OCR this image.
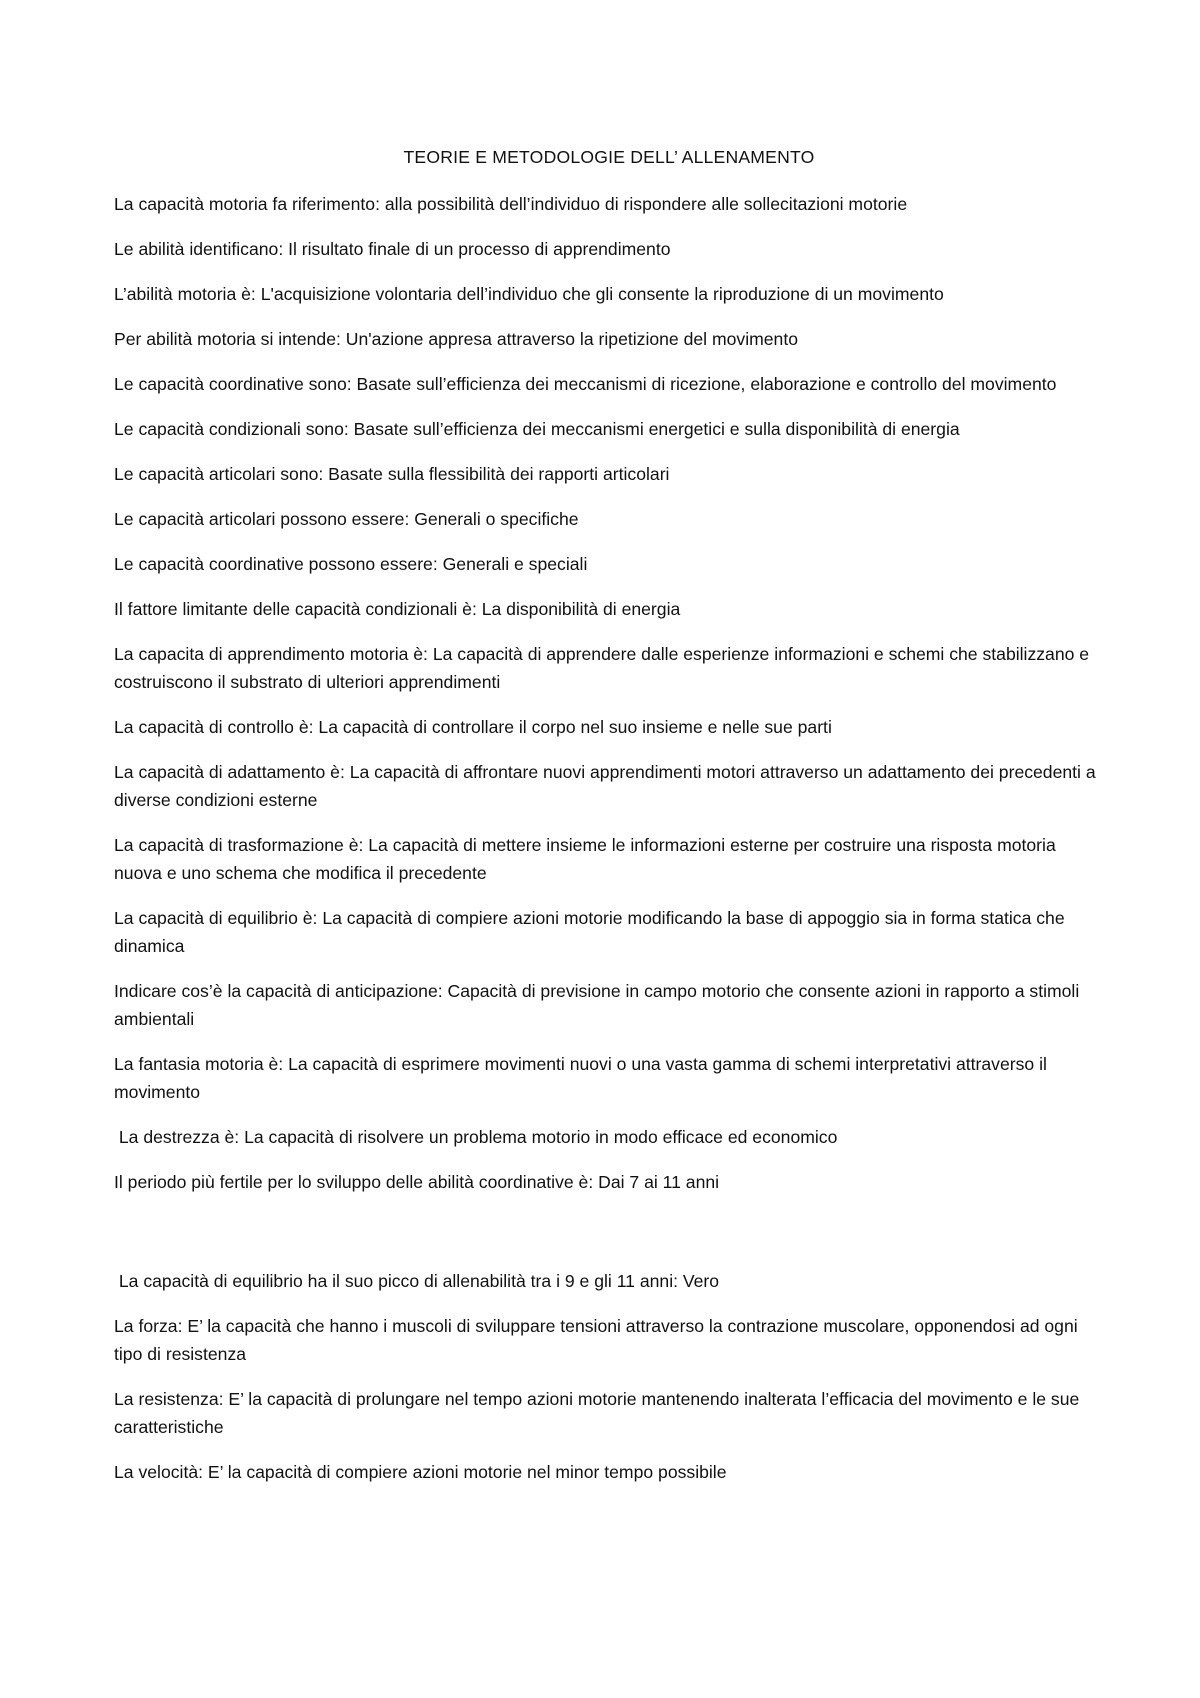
TEORIE E METODOLOGIE DELL’ ALLENAMENTO

La capacità motoria fa riferimento: alla possibilità dell’individuo di rispondere alle sollecitazioni motorie

Le abilità identificano: Il risultato finale di un processo di apprendimento

L’abilità motoria è: L'acquisizione volontaria dell’individuo che gli consente la riproduzione di un movimento

Per abilità motoria si intende: Un'azione appresa attraverso la ripetizione del movimento

Le capacità coordinative sono: Basate sull’efficienza dei meccanismi di ricezione, elaborazione e controllo del movimento

Le capacità condizionali sono: Basate sull’efficienza dei meccanismi energetici e sulla disponibilità di energia

Le capacità articolari sono: Basate sulla flessibilità dei rapporti articolari

Le capacità articolari possono essere: Generali o specifiche

Le capacità coordinative possono essere: Generali e speciali

Il fattore limitante delle capacità condizionali è: La disponibilità di energia

La capacita di apprendimento motoria è: La capacità di apprendere dalle esperienze informazioni e schemi che stabilizzano e costruiscono il substrato di ulteriori apprendimenti

La capacità di controllo è: La capacità di controllare il corpo nel suo insieme e nelle sue parti

La capacità di adattamento è: La capacità di affrontare nuovi apprendimenti motori attraverso un adattamento dei precedenti a diverse condizioni esterne

La capacità di trasformazione è: La capacità di mettere insieme le informazioni esterne per costruire una risposta motoria nuova e uno schema che modifica il precedente

La capacità di equilibrio è: La capacità di compiere azioni motorie modificando la base di appoggio sia in forma statica che dinamica

Indicare cos’è la capacità di anticipazione: Capacità di previsione in campo motorio che consente azioni in rapporto a stimoli ambientali

La fantasia motoria è: La capacità di esprimere movimenti nuovi o una vasta gamma di schemi interpretativi attraverso il movimento

La destrezza è: La capacità di risolvere un problema motorio in modo efficace ed economico

Il periodo più fertile per lo sviluppo delle abilità coordinative è: Dai 7 ai 11 anni

La capacità di equilibrio ha il suo picco di allenabilità tra i 9 e gli 11 anni: Vero

La forza: E’ la capacità che hanno i muscoli di sviluppare tensioni attraverso la contrazione muscolare, opponendosi ad ogni tipo di resistenza

La resistenza: E’ la capacità di prolungare nel tempo azioni motorie mantenendo inalterata l’efficacia del movimento e le sue caratteristiche

La velocità: E’ la capacità di compiere azioni motorie nel minor tempo possibile
